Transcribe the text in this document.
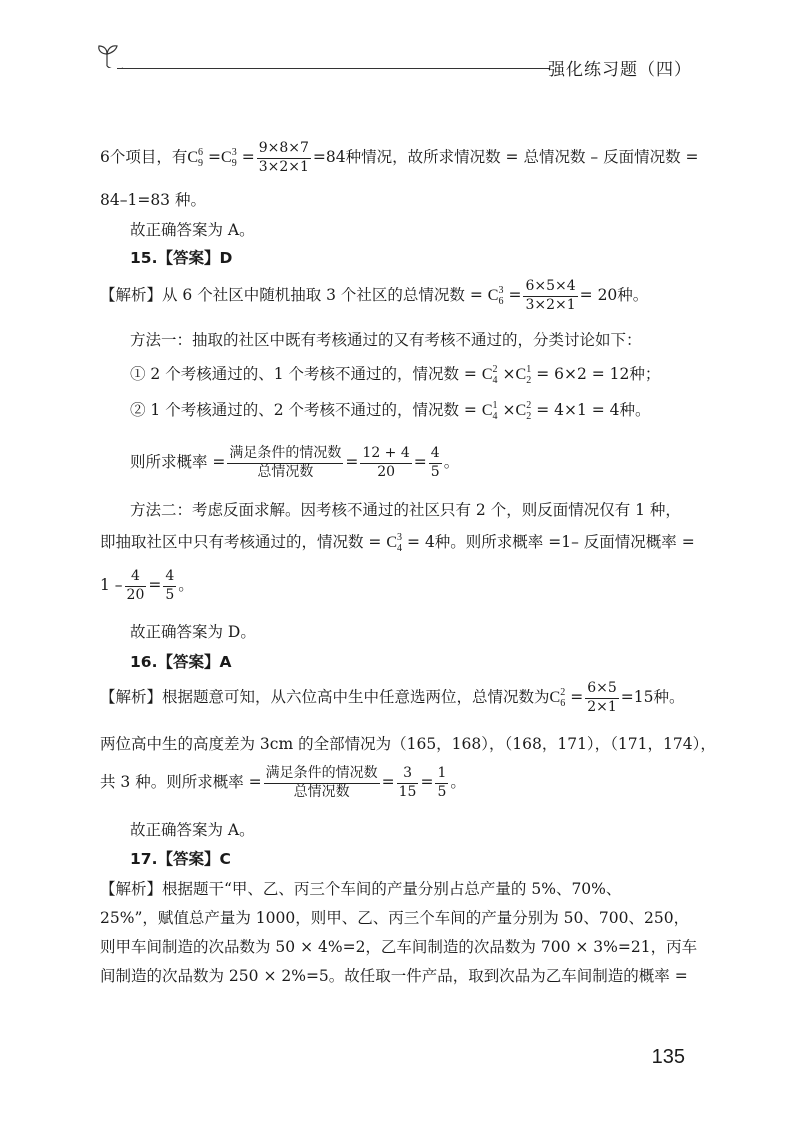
强化练习题（四）
6个项目，有$C^6_9 =C^3_9 = \frac{9\times 8\times 7}{3\times 2\times 1} =84$种情况，故所求情况数 = 总情况数 – 反面情况数 =
84–1=83 种。
故正确答案为 A。
15.【答案】D
【解析】从 6 个社区中随机抽取 3 个社区的总情况数 = $C^3_6 = \frac{6\times 5\times 4}{3\times 2\times 1} = 20$种。
方法一：抽取的社区中既有考核通过的又有考核不通过的，分类讨论如下：
① 2 个考核通过的、1 个考核不通过的，情况数 = $C^2_4 \times C^1_2 = 6\times 2 = 12$种；
② 1 个考核通过的、2 个考核不通过的，情况数 = $C^1_4 \times C^2_2 = 4\times 1 = 4$种。
则所求概率 = $\frac{\text{满足条件的情况数}}{\text{总情况数}} = \frac{12 + 4}{20} = \frac{4}{5}$ 。
方法二：考虑反面求解。因考核不通过的社区只有 2 个，则反面情况仅有 1 种，
即抽取社区中只有考核通过的，情况数 = $C^3_4 = 4$种。则所求概率 =1– 反面情况概率 =
$1 - \frac{4}{20} = \frac{4}{5}$ 。
故正确答案为 D。
16.【答案】A
【解析】根据题意可知，从六位高中生中任意选两位，总情况数为$C^2_6 = \frac{6\times 5}{2\times 1} =15$种。
两位高中生的高度差为 3cm 的全部情况为（165，168），（168，171），（171，174），
共 3 种。则所求概率 = $\frac{\text{满足条件的情况数}}{\text{总情况数}} = \frac{3}{15} = \frac{1}{5}$ 。
故正确答案为 A。
17.【答案】C
【解析】根据题干“甲、乙、丙三个车间的产量分别占总产量的 5%、70%、
25%”，赋值总产量为 1000，则甲、乙、丙三个车间的产量分别为 50、700、250，
则甲车间制造的次品数为 50 × 4%=2，乙车间制造的次品数为 700 × 3%=21，丙车
间制造的次品数为 250 × 2%=5。故任取一件产品，取到次品为乙车间制造的概率 =
135
